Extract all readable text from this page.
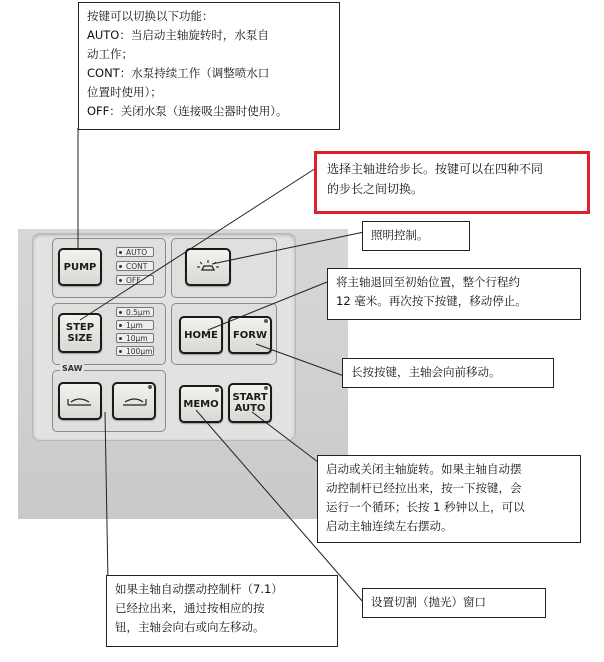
PUMP
AUTO
CONT
OFF
STEP
SIZE
0.5μm
1μm
10μm
100μm
HOME FORW
SAW
MEMO
START
AUTO
按键可以切换以下功能：
AUTO：当启动主轴旋转时，水泵自
动工作；
CONT：水泵持续工作（调整喷水口
位置时使用）；
OFF：关闭水泵（连接吸尘器时使用）。
选择主轴进给步长。按键可以在四种不同
的步长之间切换。
照明控制。
将主轴退回至初始位置，整个行程约
12 毫米。再次按下按键，移动停止。
长按按键，主轴会向前移动。
启动或关闭主轴旋转。如果主轴自动摆
动控制杆已经拉出来，按一下按键，会
运行一个循环；长按 1 秒钟以上，可以
启动主轴连续左右摆动。
如果主轴自动摆动控制杆（7.1）
已经拉出来，通过按相应的按
钮，主轴会向右或向左移动。
设置切割（抛光）窗口
